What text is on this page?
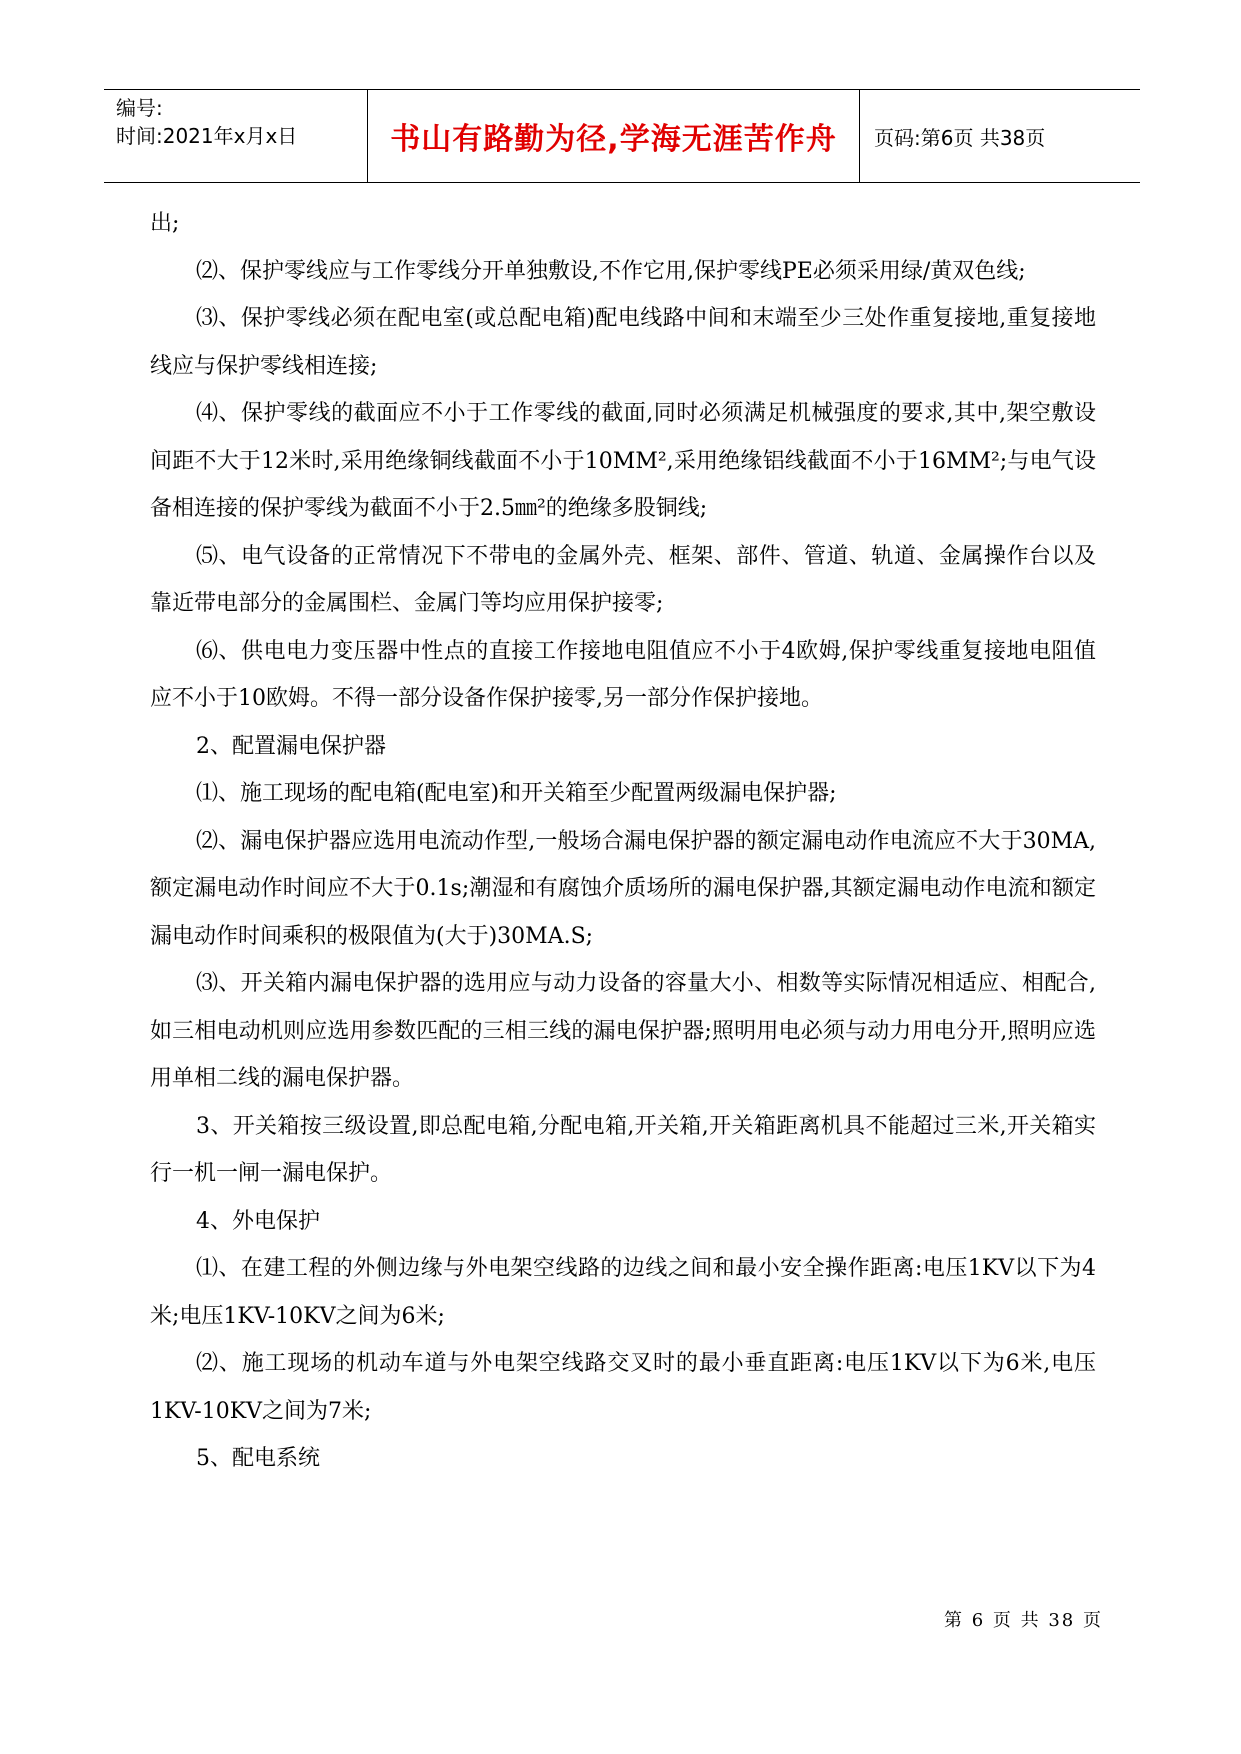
编号:
时间:2021年x月x日	书山有路勤为径,学海无涯苦作舟 页码:第6页 共38页

出;

⑵、保护零线应与工作零线分开单独敷设,不作它用,保护零线PE必须采用绿/黄双色线;

⑶、保护零线必须在配电室(或总配电箱)配电线路中间和末端至少三处作重复接地,重复接地线应与保护零线相连接;

⑷、保护零线的截面应不小于工作零线的截面,同时必须满足机械强度的要求,其中,架空敷设间距不大于12米时,采用绝缘铜线截面不小于10MM²,采用绝缘铝线截面不小于16MM²;与电气设备相连接的保护零线为截面不小于2.5㎜²的绝缘多股铜线;

⑸、电气设备的正常情况下不带电的金属外壳、框架、部件、管道、轨道、金属操作台以及靠近带电部分的金属围栏、金属门等均应用保护接零;

⑹、供电电力变压器中性点的直接工作接地电阻值应不小于4欧姆,保护零线重复接地电阻值应不小于10欧姆。不得一部分设备作保护接零,另一部分作保护接地。

2、配置漏电保护器

⑴、施工现场的配电箱(配电室)和开关箱至少配置两级漏电保护器;

⑵、漏电保护器应选用电流动作型,一般场合漏电保护器的额定漏电动作电流应不大于30MA,额定漏电动作时间应不大于0.1s;潮湿和有腐蚀介质场所的漏电保护器,其额定漏电动作电流和额定漏电动作时间乘积的极限值为(大于)30MA.S;

⑶、开关箱内漏电保护器的选用应与动力设备的容量大小、相数等实际情况相适应、相配合,如三相电动机则应选用参数匹配的三相三线的漏电保护器;照明用电必须与动力用电分开,照明应选用单相二线的漏电保护器。

3、开关箱按三级设置,即总配电箱,分配电箱,开关箱,开关箱距离机具不能超过三米,开关箱实行一机一闸一漏电保护。

4、外电保护

⑴、在建工程的外侧边缘与外电架空线路的边线之间和最小安全操作距离:电压1KV以下为4米;电压1KV-10KV之间为6米;

⑵、施工现场的机动车道与外电架空线路交叉时的最小垂直距离:电压1KV以下为6米,电压1KV-10KV之间为7米;

5、配电系统

第 6 页 共 38 页
